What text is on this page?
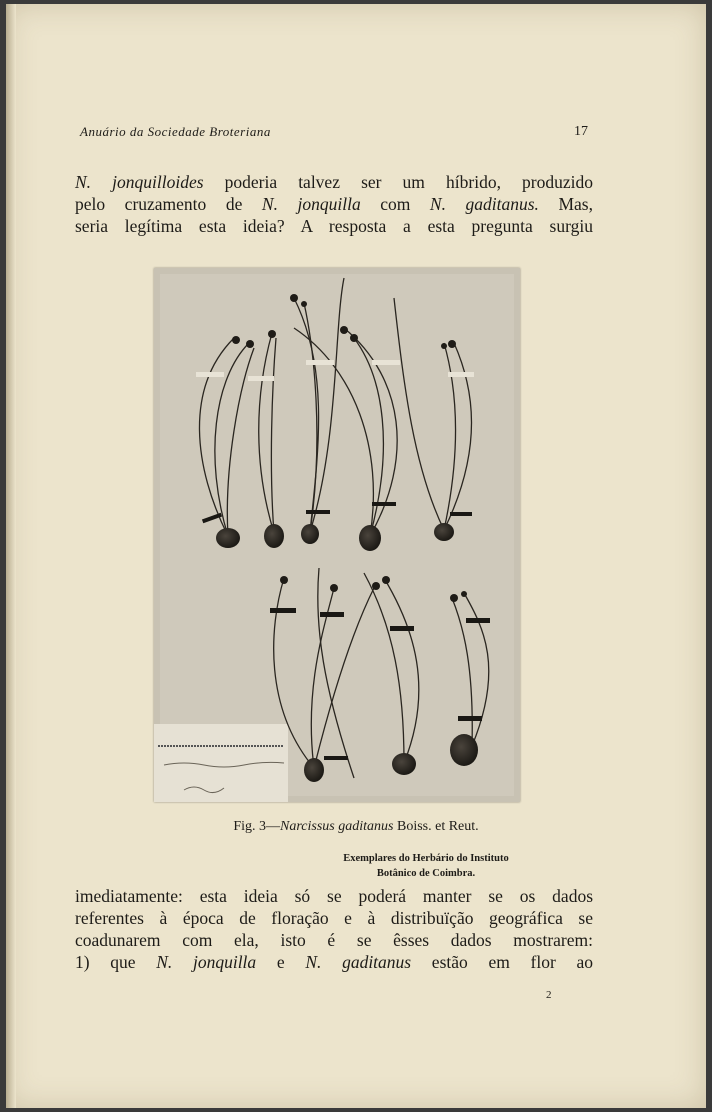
Anuário da Sociedade Broteriana	17
N. jonquilloides poderia talvez ser um híbrido, produzido
pelo cruzamento de N. jonquilla com N. gaditanus. Mas,
seria legítima esta ideia? A resposta a esta pregunta surgiu
Fig. 3—Narcissus gaditanus Boiss. et Reut.
Exemplares do Herbário do Instituto
Botânico de Coimbra.
imediatamente: esta ideia só se poderá manter se os dados
referentes à época de floração e à distribuïção geográfica se
coadunarem com ela, isto é se êsses dados mostrarem:
1) que N. jonquilla e N. gaditanus estão em flor ao
2
